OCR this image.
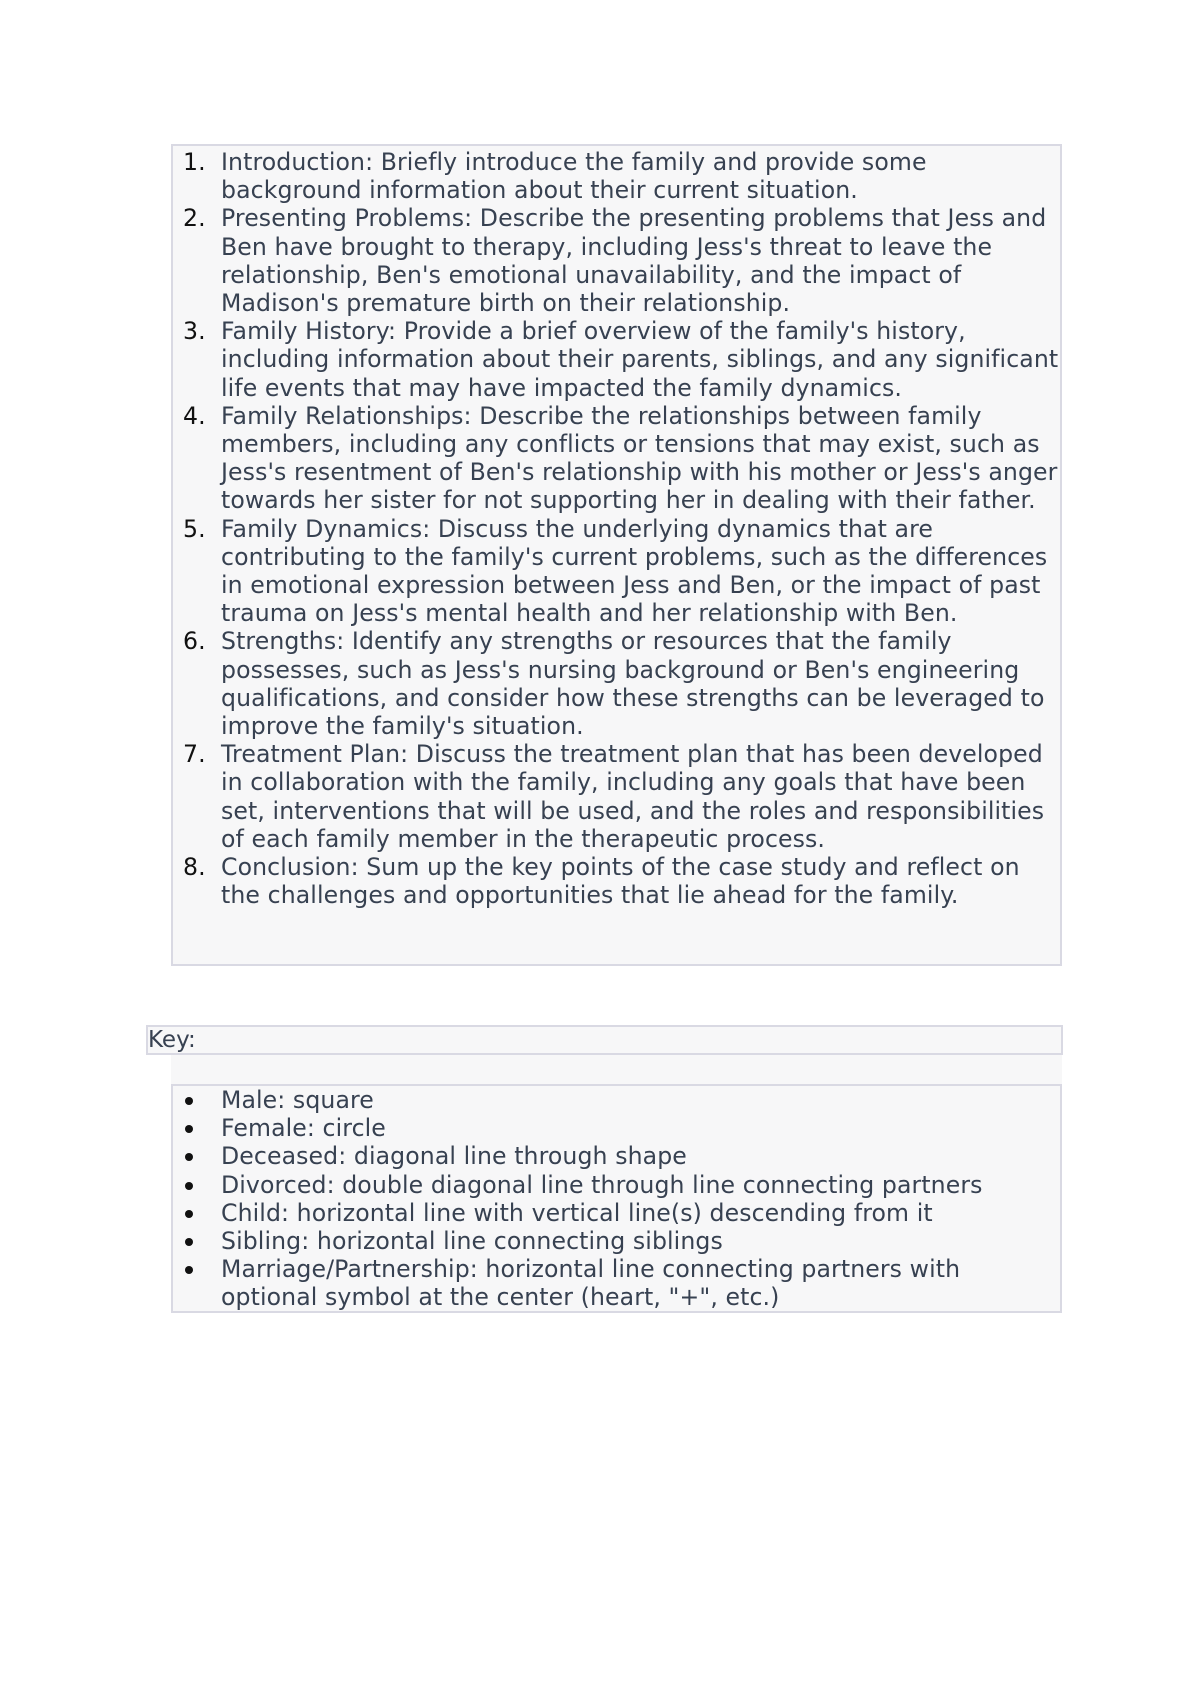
1. Introduction: Briefly introduce the family and provide some background information about their current situation.
2. Presenting Problems: Describe the presenting problems that Jess and Ben have brought to therapy, including Jess's threat to leave the relationship, Ben's emotional unavailability, and the impact of Madison's premature birth on their relationship.
3. Family History: Provide a brief overview of the family's history, including information about their parents, siblings, and any significant life events that may have impacted the family dynamics.
4. Family Relationships: Describe the relationships between family members, including any conflicts or tensions that may exist, such as Jess's resentment of Ben's relationship with his mother or Jess's anger towards her sister for not supporting her in dealing with their father.
5. Family Dynamics: Discuss the underlying dynamics that are contributing to the family's current problems, such as the differences in emotional expression between Jess and Ben, or the impact of past trauma on Jess's mental health and her relationship with Ben.
6. Strengths: Identify any strengths or resources that the family possesses, such as Jess's nursing background or Ben's engineering qualifications, and consider how these strengths can be leveraged to improve the family's situation.
7. Treatment Plan: Discuss the treatment plan that has been developed in collaboration with the family, including any goals that have been set, interventions that will be used, and the roles and responsibilities of each family member in the therapeutic process.
8. Conclusion: Sum up the key points of the case study and reflect on the challenges and opportunities that lie ahead for the family.
Key:
Male: square
Female: circle
Deceased: diagonal line through shape
Divorced: double diagonal line through line connecting partners
Child: horizontal line with vertical line(s) descending from it
Sibling: horizontal line connecting siblings
Marriage/Partnership: horizontal line connecting partners with optional symbol at the center (heart, "+", etc.)
